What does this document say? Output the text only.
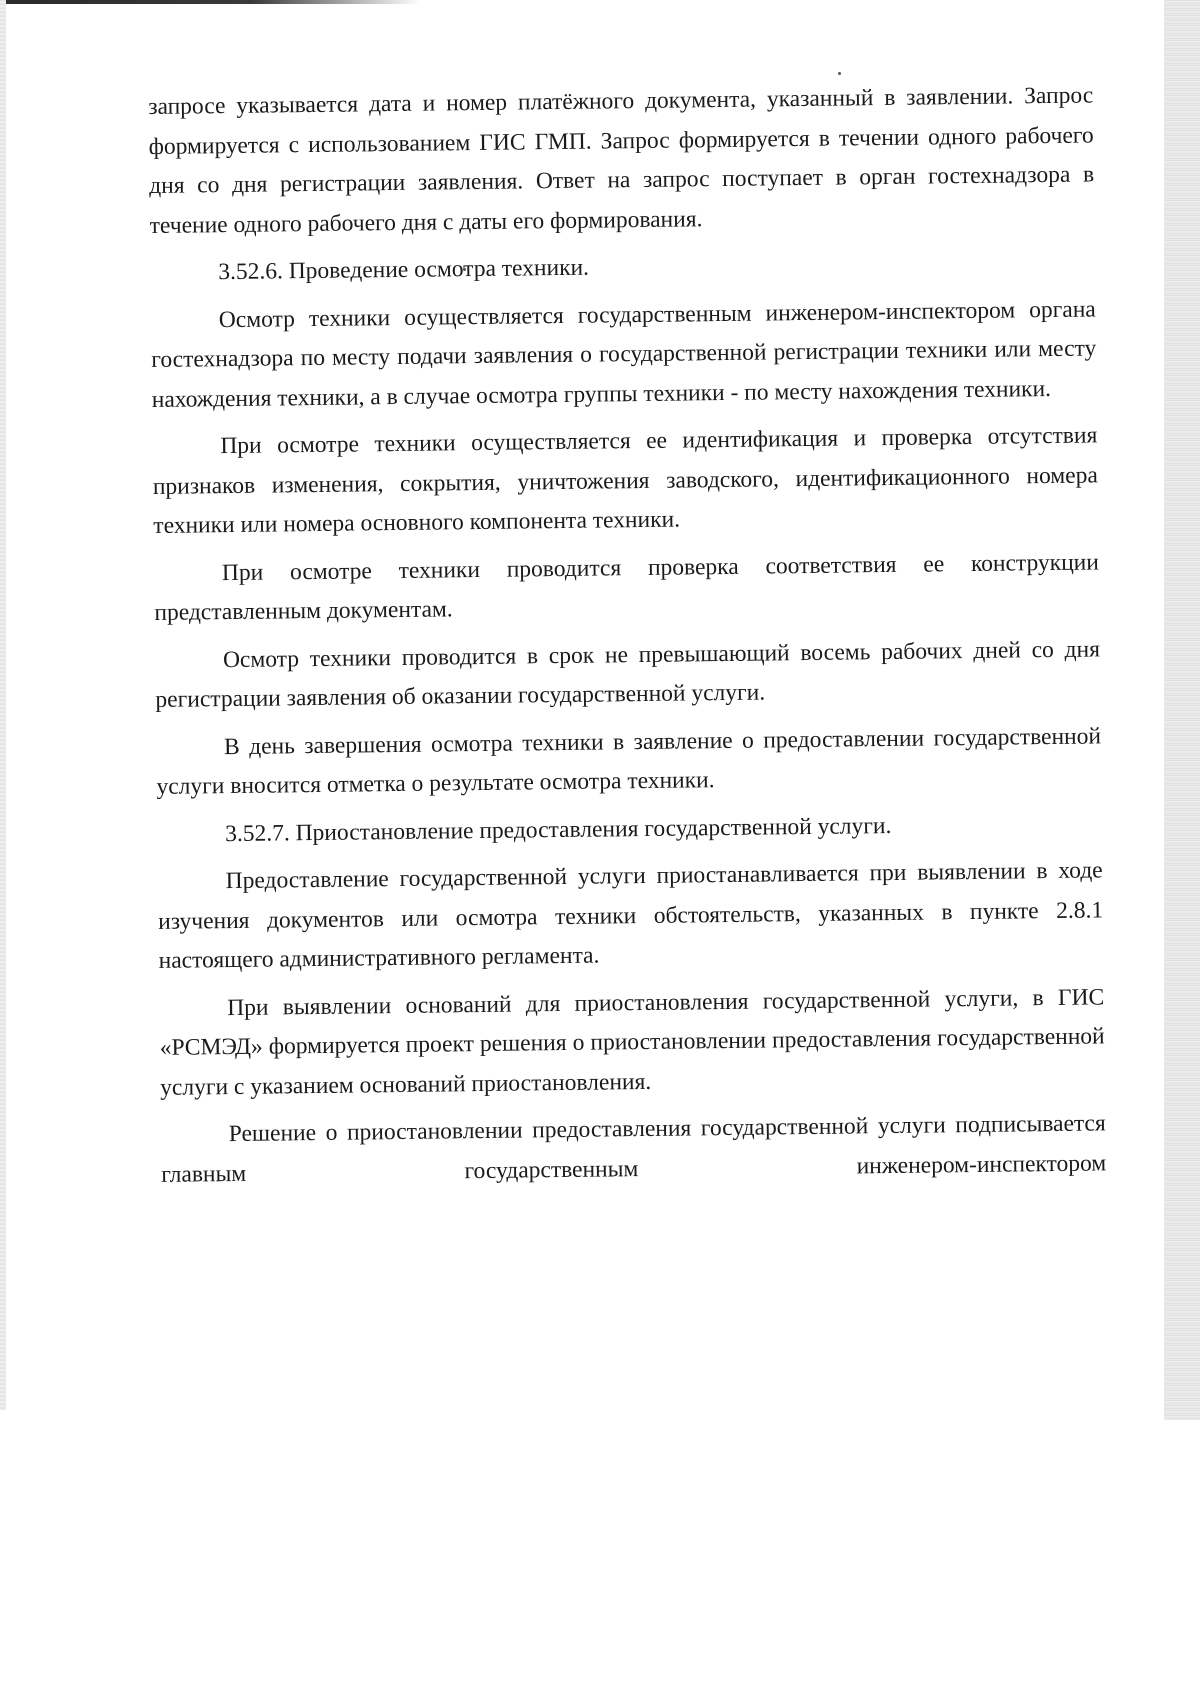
запросе указывается дата и номер платёжного документа, указанный в заявлении. Запрос формируется с использованием ГИС ГМП. Запрос формируется в течении одного рабочего дня со дня регистрации заявления. Ответ на запрос поступает в орган гостехнадзора в течение одного рабочего дня с даты его формирования.

3.52.6. Проведение осмотра техники.

Осмотр техники осуществляется государственным инженером-инспектором органа гостехнадзора по месту подачи заявления о государственной регистрации техники или месту нахождения техники, а в случае осмотра группы техники - по месту нахождения техники.

При осмотре техники осуществляется ее идентификация и проверка отсутствия признаков изменения, сокрытия, уничтожения заводского, идентификационного номера техники или номера основного компонента техники.

При осмотре техники проводится проверка соответствия ее конструкции представленным документам.

Осмотр техники проводится в срок не превышающий восемь рабочих дней со дня регистрации заявления об оказании государственной услуги.

В день завершения осмотра техники в заявление о предоставлении государственной услуги вносится отметка о результате осмотра техники.

3.52.7. Приостановление предоставления государственной услуги.

Предоставление государственной услуги приостанавливается при выявлении в ходе изучения документов или осмотра техники обстоятельств, указанных в пункте 2.8.1 настоящего административного регламента.

При выявлении оснований для приостановления государственной услуги, в ГИС «РСМЭД» формируется проект решения о приостановлении предоставления государственной услуги с указанием оснований приостановления.

Решение о приостановлении предоставления государственной услуги подписывается главным государственным инженером-инспектором
